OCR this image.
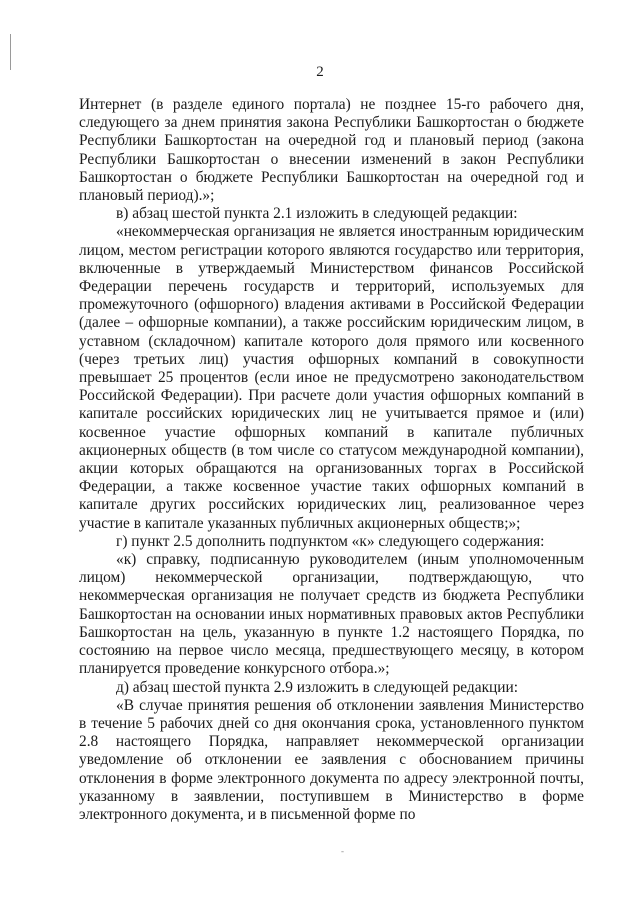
2

Интернет (в разделе единого портала) не позднее 15-го рабочего дня, следующего за днем принятия закона Республики Башкортостан о бюджете Республики Башкортостан на очередной год и плановый период (закона Республики Башкортостан о внесении изменений в закон Республики Башкортостан о бюджете Республики Башкортостан на очередной год и плановый период).»;

в) абзац шестой пункта 2.1 изложить в следующей редакции:

«некоммерческая организация не является иностранным юридическим лицом, местом регистрации которого являются государство или территория, включенные в утверждаемый Министерством финансов Российской Федерации перечень государств и территорий, используемых для промежуточного (офшорного) владения активами в Российской Федерации (далее – офшорные компании), а также российским юридическим лицом, в уставном (складочном) капитале которого доля прямого или косвенного (через третьих лиц) участия офшорных компаний в совокупности превышает 25 процентов (если иное не предусмотрено законодательством Российской Федерации). При расчете доли участия офшорных компаний в капитале российских юридических лиц не учитывается прямое и (или) косвенное участие офшорных компаний в капитале публичных акционерных обществ (в том числе со статусом международной компании), акции которых обращаются на организованных торгах в Российской Федерации, а также косвенное участие таких офшорных компаний в капитале других российских юридических лиц, реализованное через участие в капитале указанных публичных акционерных обществ;»;

г) пункт 2.5 дополнить подпунктом «к» следующего содержания:

«к) справку, подписанную руководителем (иным уполномоченным лицом) некоммерческой организации, подтверждающую, что некоммерческая организация не получает средств из бюджета Республики Башкортостан на основании иных нормативных правовых актов Республики Башкортостан на цель, указанную в пункте 1.2 настоящего Порядка, по состоянию на первое число месяца, предшествующего месяцу, в котором планируется проведение конкурсного отбора.»;

д) абзац шестой пункта 2.9 изложить в следующей редакции:

«В случае принятия решения об отклонении заявления Министерство в течение 5 рабочих дней со дня окончания срока, установленного пунктом 2.8 настоящего Порядка, направляет некоммерческой организации уведомление об отклонении ее заявления с обоснованием причины отклонения в форме электронного документа по адресу электронной почты, указанному в заявлении, поступившем в Министерство в форме электронного документа, и в письменной форме по

-
